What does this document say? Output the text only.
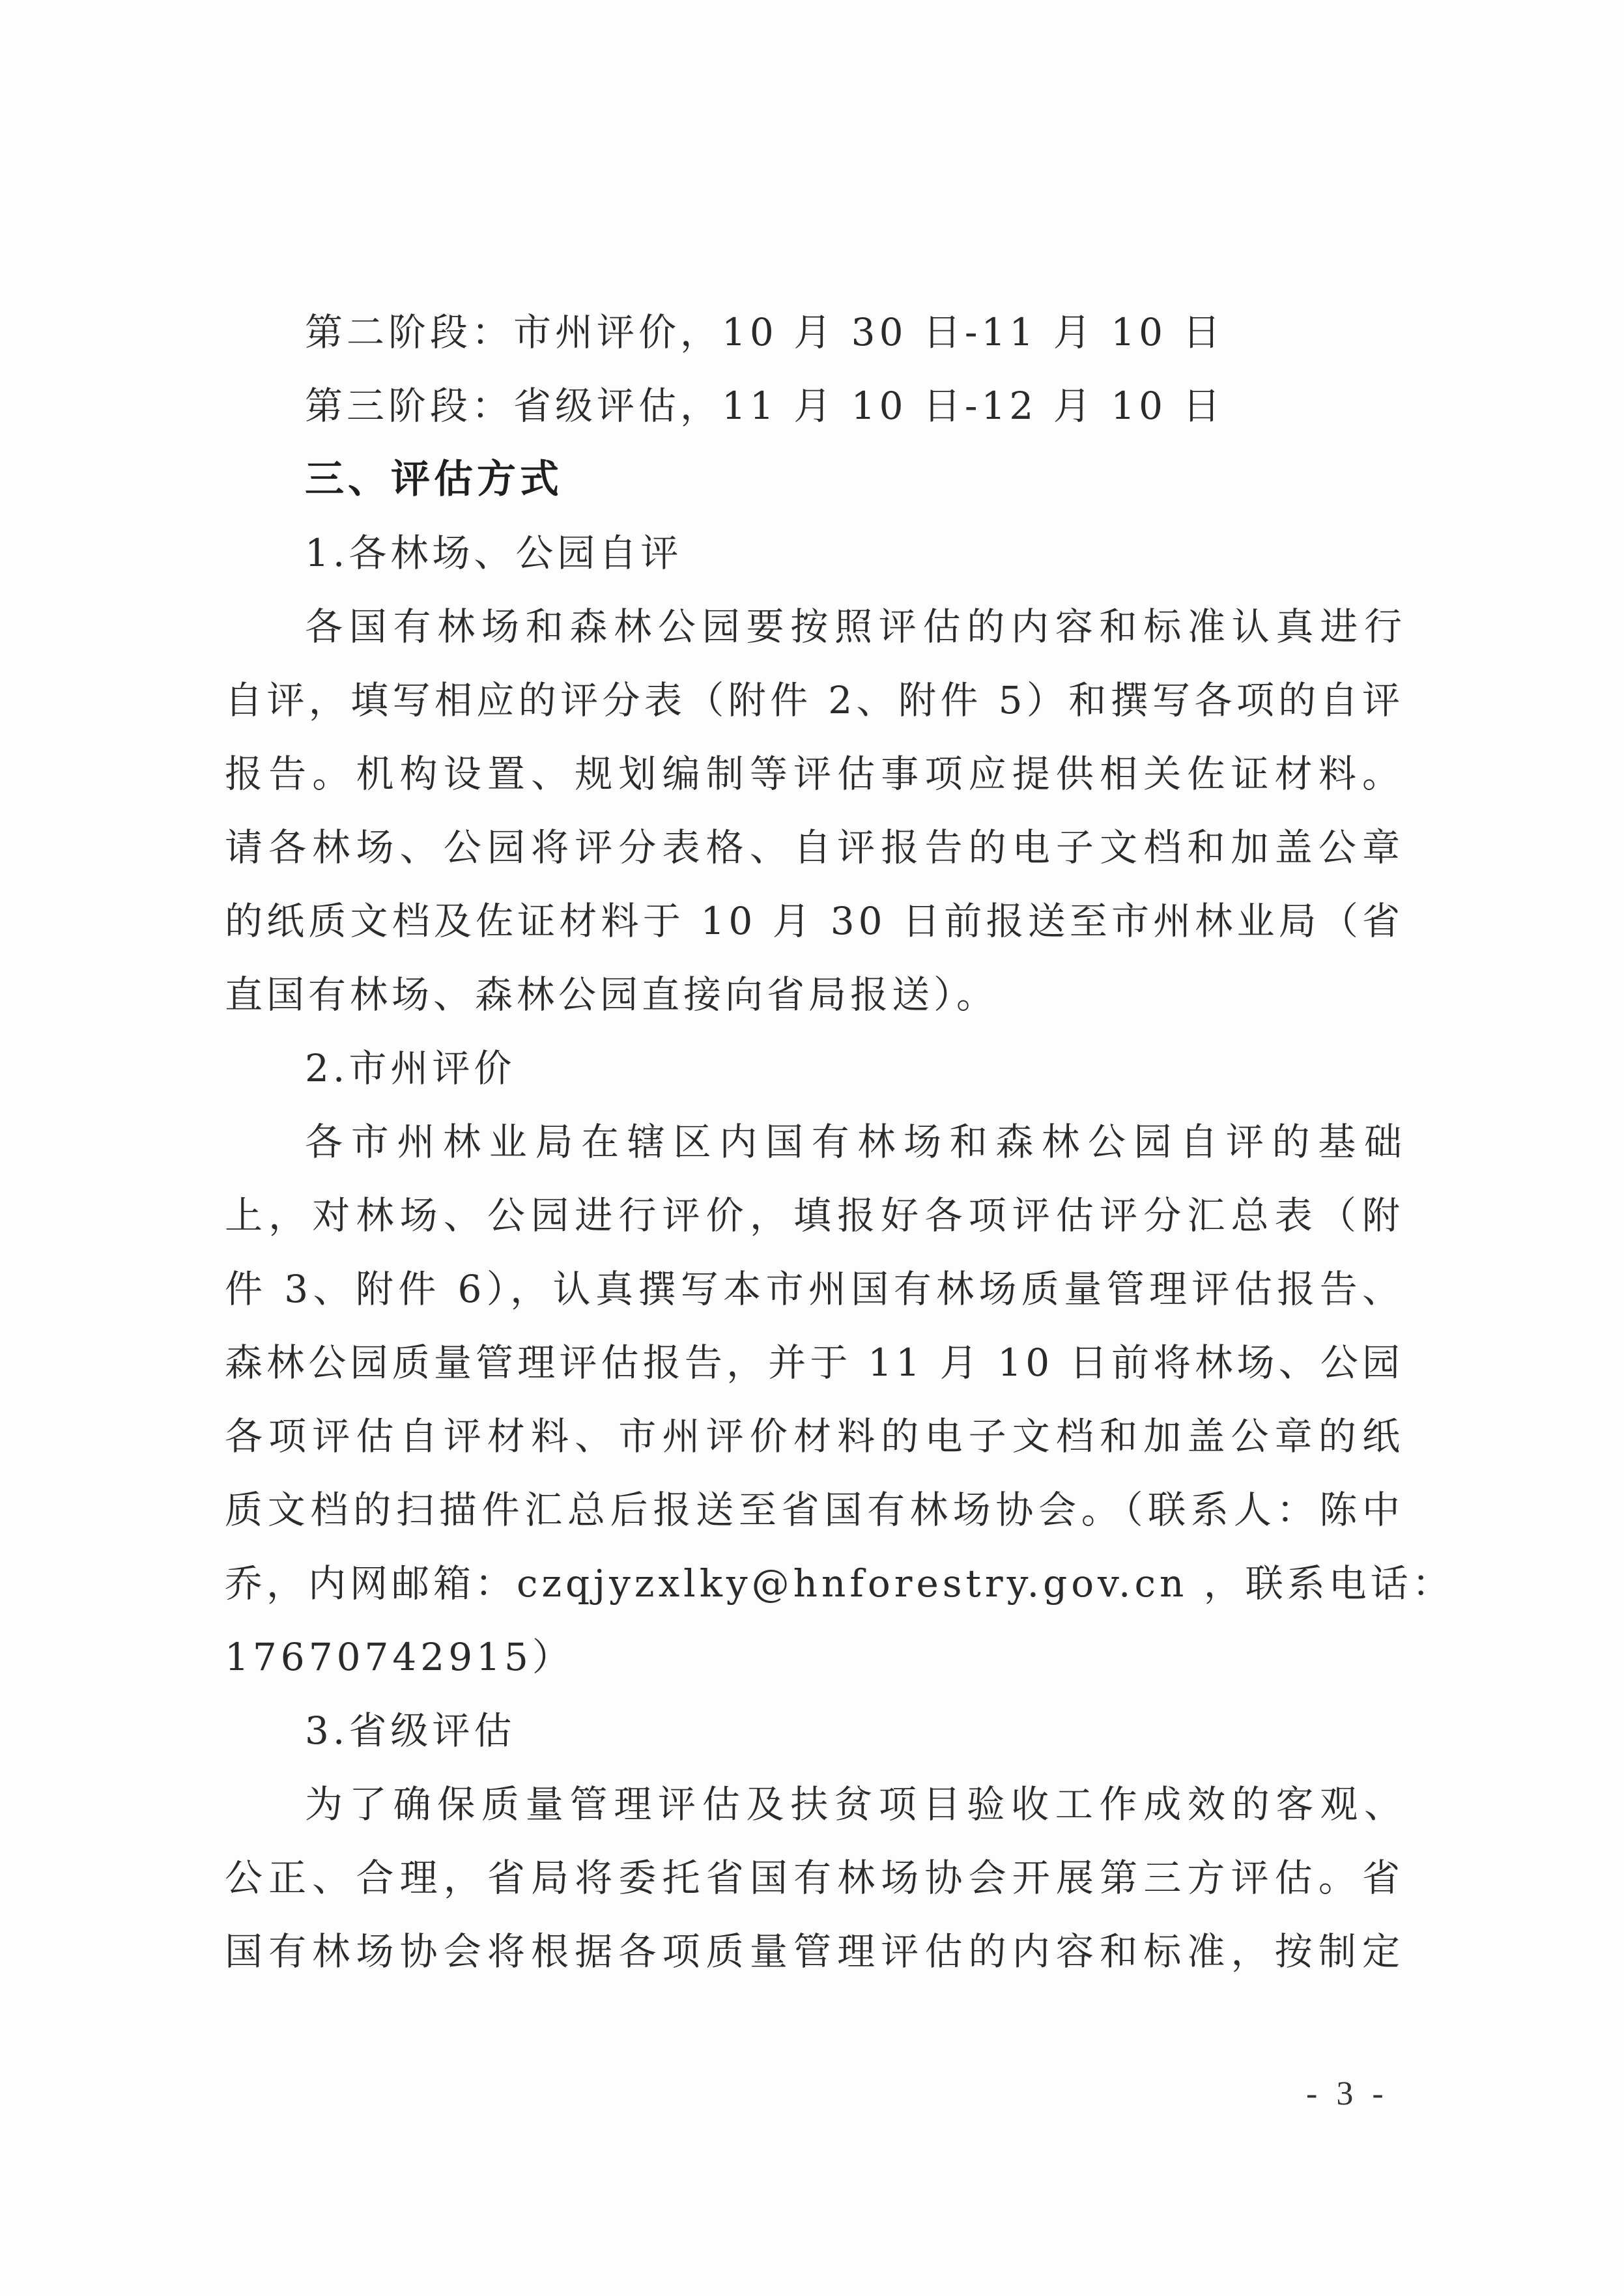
第二阶段：市州评价，10 月 30 日-11 月 10 日
第三阶段：省级评估，11 月 10 日-12 月 10 日
三、评估方式
1.各林场、公园自评
各国有林场和森林公园要按照评估的内容和标准认真进行
自评，填写相应的评分表（附件 2、附件 5）和撰写各项的自评
报告。机构设置、规划编制等评估事项应提供相关佐证材料。
请各林场、公园将评分表格、自评报告的电子文档和加盖公章
的纸质文档及佐证材料于 10 月 30 日前报送至市州林业局（省
直国有林场、森林公园直接向省局报送）。
2.市州评价
各市州林业局在辖区内国有林场和森林公园自评的基础
上，对林场、公园进行评价，填报好各项评估评分汇总表（附
件 3、附件 6），认真撰写本市州国有林场质量管理评估报告、
森林公园质量管理评估报告，并于 11 月 10 日前将林场、公园
各项评估自评材料、市州评价材料的电子文档和加盖公章的纸
质文档的扫描件汇总后报送至省国有林场协会。（联系人：陈中
乔，内网邮箱：czqjyzxlky@hnforestry.gov.cn ，联系电话：
17670742915）
3.省级评估
为了确保质量管理评估及扶贫项目验收工作成效的客观、
公正、合理，省局将委托省国有林场协会开展第三方评估。省
国有林场协会将根据各项质量管理评估的内容和标准，按制定
- 3 -
